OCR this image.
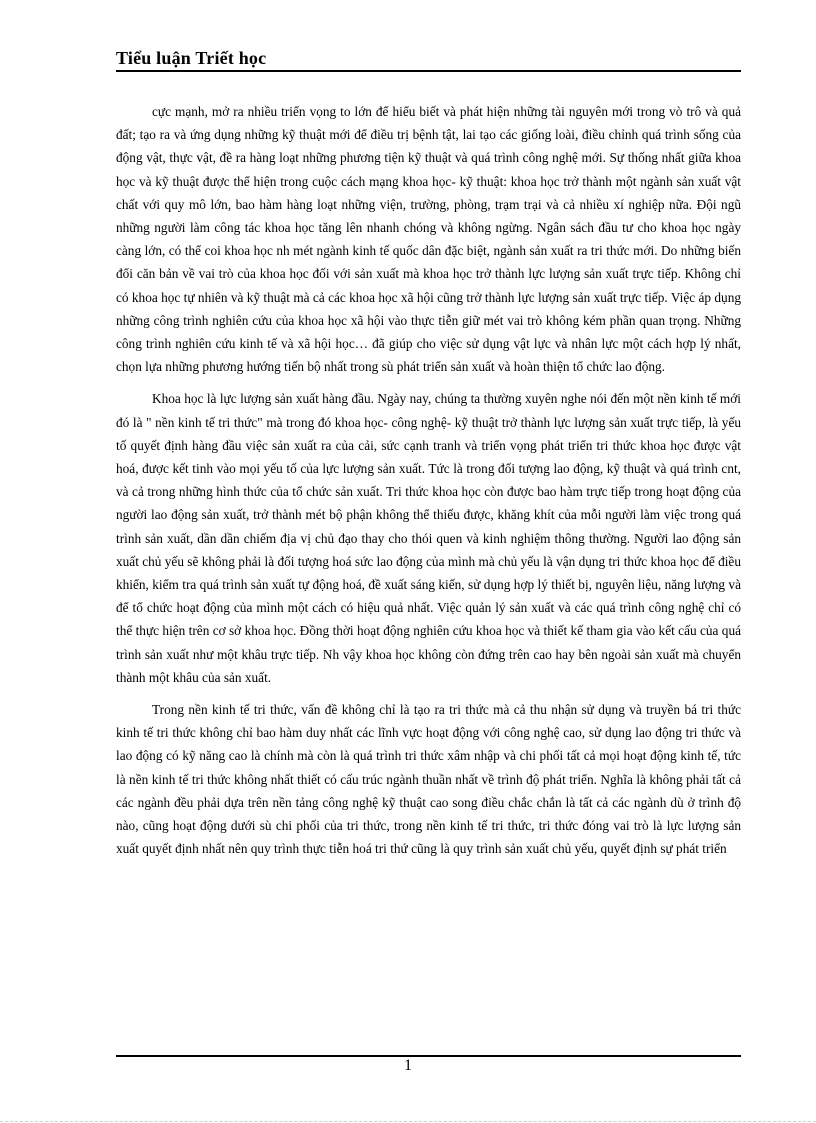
Tiểu luận Triết học

cực mạnh, mở ra nhiều triển vọng to lớn để hiểu biết và phát hiện những tài nguyên mới trong vò trô và quả đất; tạo ra và ứng dụng những kỹ thuật mới để điều trị bệnh tật, lai tạo các giống loài, điều chỉnh quá trình sống của động vật, thực vật, đề ra hàng loạt những phương tiện kỹ thuật và quá trình công nghệ mới. Sự thống nhất giữa khoa học và kỹ thuật được thể hiện trong cuộc cách mạng khoa học- kỹ thuật: khoa học trở thành một ngành sản xuất vật chất với quy mô lớn, bao hàm hàng loạt những viện, trường, phòng, trạm trại và cả nhiều xí nghiệp nữa. Đội ngũ những người làm công tác khoa học tăng lên nhanh chóng và không ngừng. Ngân sách đầu tư cho khoa học ngày càng lớn, có thể coi khoa học nh mét ngành kinh tế quốc dân đặc biệt, ngành sản xuất ra tri thức mới. Do những biến đổi căn bản về vai trò của khoa học đối với sản xuất mà khoa học trở thành lực lượng sản xuất trực tiếp. Không chỉ có khoa học tự nhiên và kỹ thuật mà cả các khoa học xã hội cũng trở thành lực lượng sản xuất trực tiếp. Việc áp dụng những công trình nghiên cứu của khoa học xã hội vào thực tiễn giữ mét vai trò không kém phần quan trọng. Những công trình nghiên cứu kinh tế và xã hội học… đã giúp cho việc sử dụng vật lực và nhân lực một cách hợp lý nhất, chọn lựa những phương hướng tiến bộ nhất trong sù phát triển sản xuất và hoàn thiện tổ chức lao động.

Khoa học là lực lượng sản xuất hàng đầu. Ngày nay, chúng ta thường xuyên nghe nói đến một nền kinh tế mới đó là " nền kinh tế tri thức" mà trong đó khoa học- công nghệ- kỹ thuật trở thành lực lượng sản xuất trực tiếp, là yếu tố quyết định hàng đầu việc sản xuất ra của cải, sức cạnh tranh và triển vọng phát triển tri thức khoa học được vật hoá, được kết tinh vào mọi yếu tố của lực lượng sản xuất. Tức là trong đối tượng lao động, kỹ thuật và quá trình cnt, và cả trong những hình thức của tổ chức sản xuất. Tri thức khoa học còn được bao hàm trực tiếp trong hoạt động của người lao động sản xuất, trở thành mét bộ phận không thể thiếu được, khăng khít của mỗi người làm việc trong quá trình sản xuất, dần dần chiếm địa vị chủ đạo thay cho thói quen và kinh nghiệm thông thường. Người lao động sản xuất chủ yếu sẽ không phải là đối tượng hoá sức lao động của mình mà chủ yếu là vận dụng tri thức khoa học để điều khiển, kiểm tra quá trình sản xuất tự động hoá, đề xuất sáng kiến, sử dụng hợp lý thiết bị, nguyên liệu, năng lượng và để tổ chức hoạt động của mình một cách có hiệu quả nhất. Việc quản lý sản xuất và các quá trình công nghệ chỉ có thể thực hiện trên cơ sở khoa học. Đồng thời hoạt động nghiên cứu khoa học và thiết kế tham gia vào kết cấu của quá trình sản xuất như một khâu trực tiếp. Nh vậy khoa học không còn đứng trên cao hay bên ngoài sản xuất mà chuyển thành một khâu của sản xuất.

Trong nền kinh tế tri thức, vấn đề không chỉ là tạo ra tri thức mà cả thu nhận sử dụng và truyền bá tri thức kinh tế tri thức không chỉ bao hàm duy nhất các lĩnh vực hoạt động với công nghệ cao, sử dụng lao động tri thức và lao động có kỹ năng cao là chính mà còn là quá trình tri thức xâm nhập và chi phối tất cả mọi hoạt động kinh tế, tức là nền kinh tế tri thức không nhất thiết có cấu trúc ngành thuần nhất về trình độ phát triển. Nghĩa là không phải tất cả các ngành đều phải dựa trên nền tảng công nghệ kỹ thuật cao song điều chắc chắn là tất cả các ngành dù ở trình độ nào, cũng hoạt động dưới sù chi phối của tri thức, trong nền kinh tế tri thức, tri thức đóng vai trò là lực lượng sản xuất quyết định nhất nên quy trình thực tiễn hoá tri thứ cũng là quy trình sản xuất chủ yếu, quyết định sự phát triển

1
